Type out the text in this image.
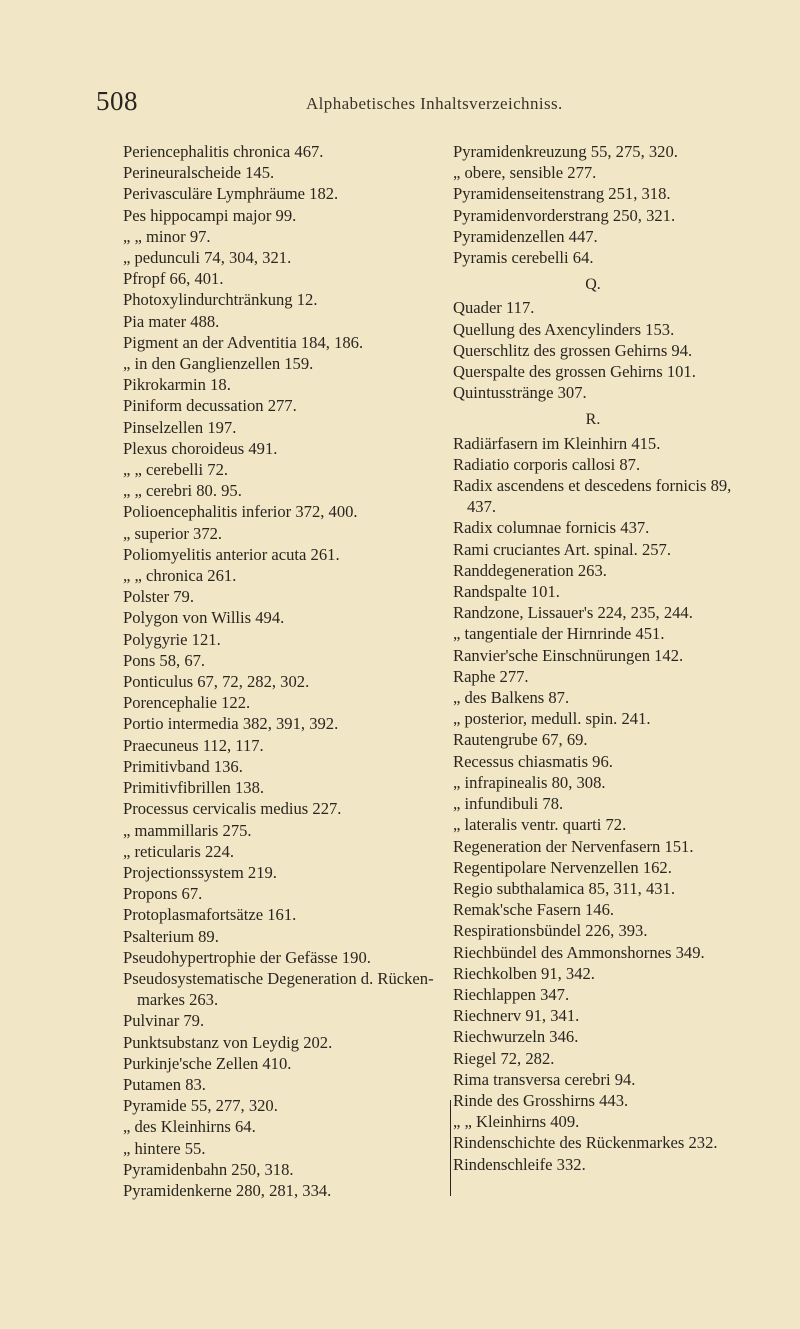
508	Alphabetisches Inhaltsverzeichniss.
Periencephalitis chronica 467.
Perineuralscheide 145.
Perivasculäre Lymphräume 182.
Pes hippocampi major 99.
„ „ minor 97.
„ pedunculi 74, 304, 321.
Pfropf 66, 401.
Photoxylindurchtränkung 12.
Pia mater 488.
Pigment an der Adventitia 184, 186.
„ in den Ganglienzellen 159.
Pikrokarmin 18.
Piniform decussation 277.
Pinselzellen 197.
Plexus choroideus 491.
„ „ cerebelli 72.
„ „ cerebri 80. 95.
Polioencephalitis inferior 372, 400.
„ superior 372.
Poliomyelitis anterior acuta 261.
„ „ chronica 261.
Polster 79.
Polygon von Willis 494.
Polygyrie 121.
Pons 58, 67.
Ponticulus 67, 72, 282, 302.
Porencephalie 122.
Portio intermedia 382, 391, 392.
Praecuneus 112, 117.
Primitivband 136.
Primitivfibrillen 138.
Processus cervicalis medius 227.
„ mammillaris 275.
„ reticularis 224.
Projectionssystem 219.
Propons 67.
Protoplasmafortsätze 161.
Psalterium 89.
Pseudohypertrophie der Gefässe 190.
Pseudosystematische Degeneration d. Rücken-
markes 263.
Pulvinar 79.
Punktsubstanz von Leydig 202.
Purkinje'sche Zellen 410.
Putamen 83.
Pyramide 55, 277, 320.
„ des Kleinhirns 64.
„ hintere 55.
Pyramidenbahn 250, 318.
Pyramidenkerne 280, 281, 334.
Pyramidenkreuzung 55, 275, 320.
„ obere, sensible 277.
Pyramidenseitenstrang 251, 318.
Pyramidenvorderstrang 250, 321.
Pyramidenzellen 447.
Pyramis cerebelli 64.
Q.
Quader 117.
Quellung des Axencylinders 153.
Querschlitz des grossen Gehirns 94.
Querspalte des grossen Gehirns 101.
Quintusstränge 307.
R.
Radiärfasern im Kleinhirn 415.
Radiatio corporis callosi 87.
Radix ascendens et descedens fornicis 89,
437.
Radix columnae fornicis 437.
Rami cruciantes Art. spinal. 257.
Randdegeneration 263.
Randspalte 101.
Randzone, Lissauer's 224, 235, 244.
„ tangentiale der Hirnrinde 451.
Ranvier'sche Einschnürungen 142.
Raphe 277.
„ des Balkens 87.
„ posterior, medull. spin. 241.
Rautengrube 67, 69.
Recessus chiasmatis 96.
„ infrapinealis 80, 308.
„ infundibuli 78.
„ lateralis ventr. quarti 72.
Regeneration der Nervenfasern 151.
Regentipolare Nervenzellen 162.
Regio subthalamica 85, 311, 431.
Remak'sche Fasern 146.
Respirationsbündel 226, 393.
Riechbündel des Ammonshornes 349.
Riechkolben 91, 342.
Riechlappen 347.
Riechnerv 91, 341.
Riechwurzeln 346.
Riegel 72, 282.
Rima transversa cerebri 94.
Rinde des Grosshirns 443.
„ „ Kleinhirns 409.
Rindenschichte des Rückenmarkes 232.
Rindenschleife 332.
